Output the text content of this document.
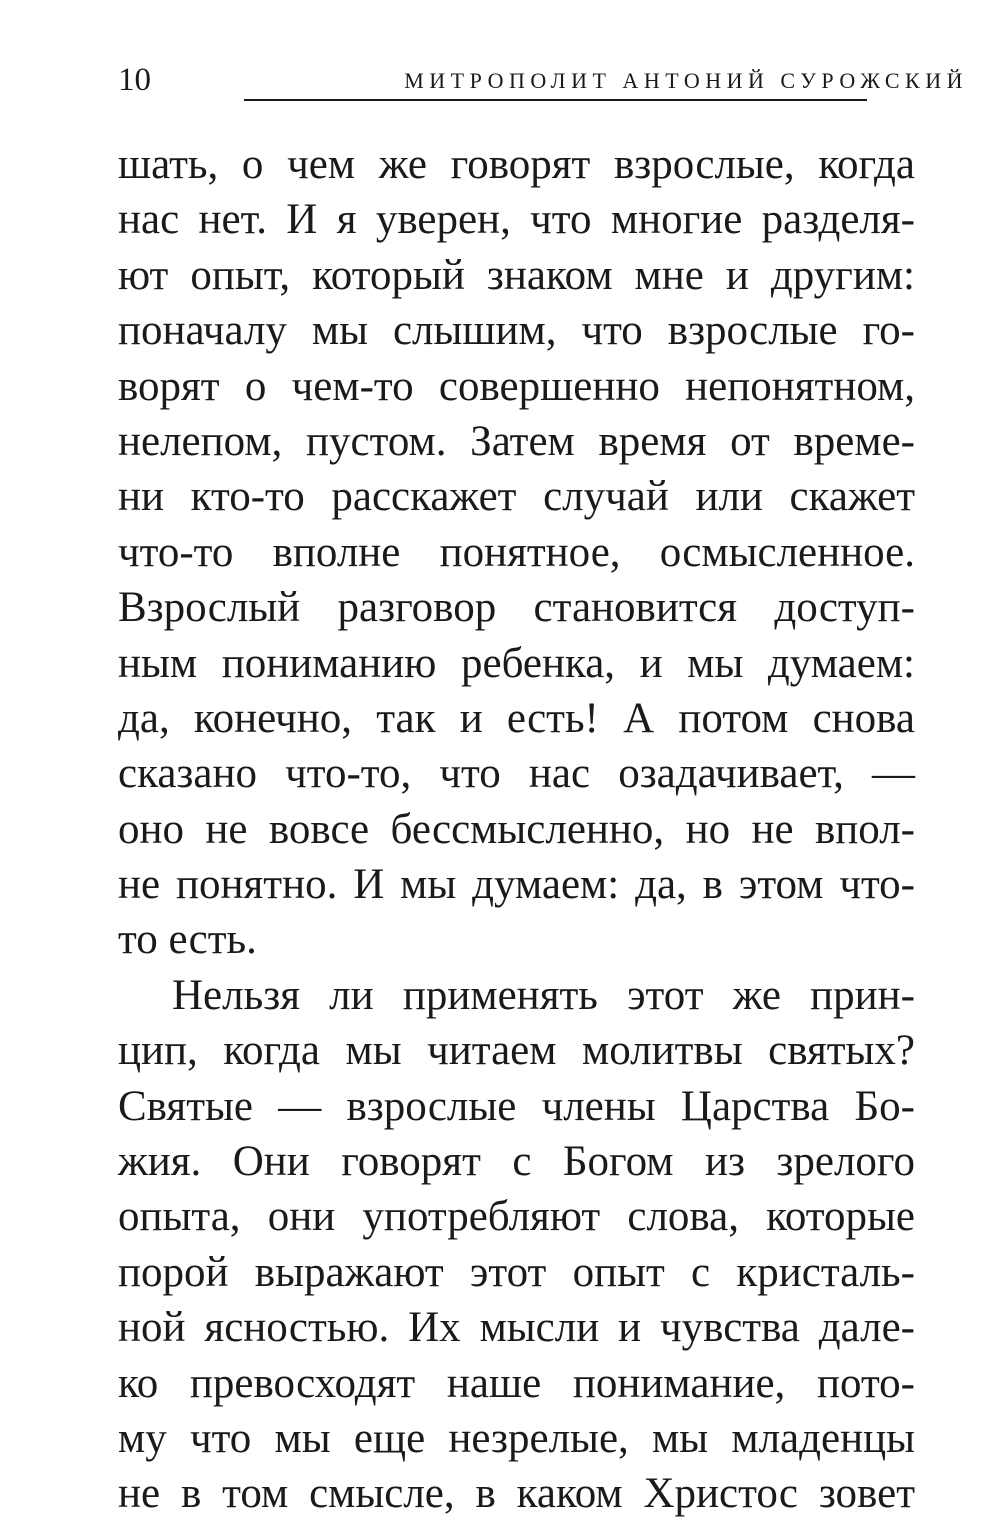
10	МИТРОПОЛИТ АНТОНИЙ СУРОЖСКИЙ
шать, о чем же говорят взрослые, когда
нас нет. И я уверен, что многие разделя-
ют опыт, который знаком мне и другим:
поначалу мы слышим, что взрослые го-
ворят о чем-то совершенно непонятном,
нелепом, пустом. Затем время от време-
ни кто-то расскажет случай или скажет
что-то вполне понятное, осмысленное.
Взрослый разговор становится доступ-
ным пониманию ребенка, и мы думаем:
да, конечно, так и есть! А потом снова
сказано что-то, что нас озадачивает, —
оно не вовсе бессмысленно, но не впол-
не понятно. И мы думаем: да, в этом что-
то есть.
Нельзя ли применять этот же прин-
цип, когда мы читаем молитвы святых?
Святые — взрослые члены Царства Бо-
жия. Они говорят с Богом из зрелого
опыта, они употребляют слова, которые
порой выражают этот опыт с кристаль-
ной ясностью. Их мысли и чувства дале-
ко превосходят наше понимание, пото-
му что мы еще незрелые, мы младенцы
не в том смысле, в каком Христос зовет
